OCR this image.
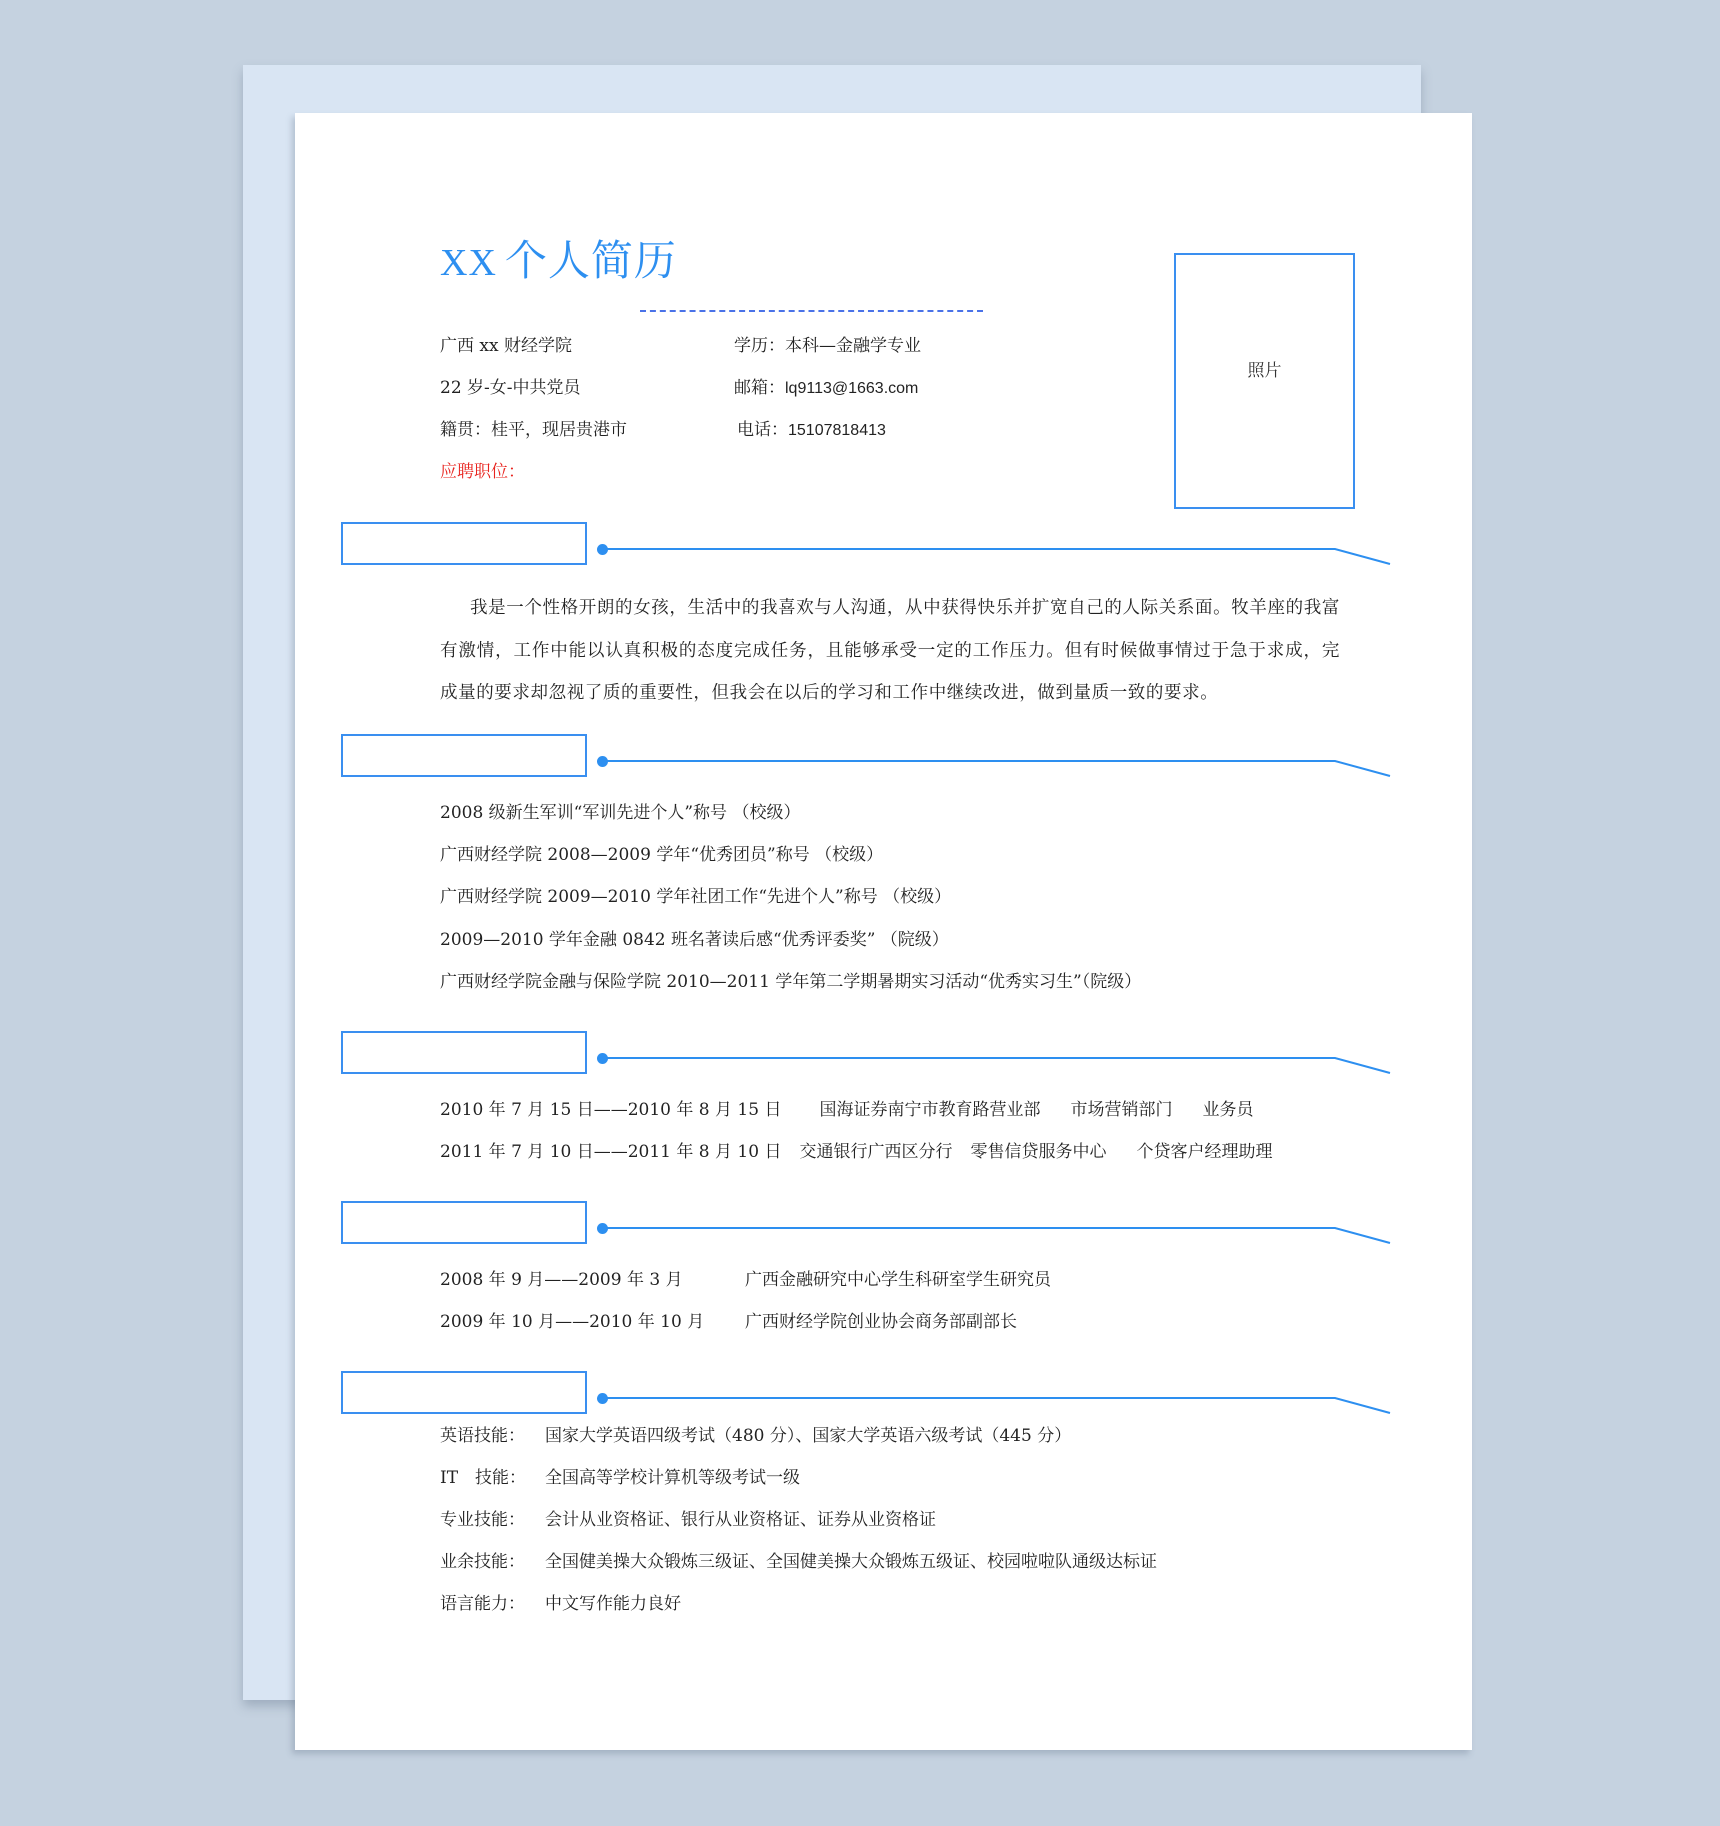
XX 个人简历
广西 xx 财经学院	学历：本科—金融学专业
22 岁-女-中共党员	邮箱：lq9113@1663.com
籍贯：桂平，现居贵港市	电话：15107818413
应聘职位：
照片
我是一个性格开朗的女孩，生活中的我喜欢与人沟通，从中获得快乐并扩宽自己的人际关系面。牧羊座的我富有激情，工作中能以认真积极的态度完成任务，且能够承受一定的工作压力。但有时候做事情过于急于求成，完成量的要求却忽视了质的重要性，但我会在以后的学习和工作中继续改进，做到量质一致的要求。
2008 级新生军训“军训先进个人”称号 （校级）
广西财经学院 2008—2009 学年“优秀团员”称号 （校级）
广西财经学院 2009—2010 学年社团工作“先进个人”称号 （校级）
2009—2010 学年金融 0842 班名著读后感“优秀评委奖” （院级）
广西财经学院金融与保险学院 2010—2011 学年第二学期暑期实习活动“优秀实习生”（院级）
2010 年 7 月 15 日——2010 年 8 月 15 日 国海证券南宁市教育路营业部 市场营销部门 业务员
2011 年 7 月 10 日——2011 年 8 月 10 日 交通银行广西区分行 零售信贷服务中心 个贷客户经理助理
2008 年 9 月——2009 年 3 月	广西金融研究中心学生科研室学生研究员
2009 年 10 月——2010 年 10 月 广西财经学院创业协会商务部副部长
英语技能： 国家大学英语四级考试（480 分）、国家大学英语六级考试（445 分）
IT　技能： 全国高等学校计算机等级考试一级
专业技能： 会计从业资格证、银行从业资格证、证券从业资格证
业余技能： 全国健美操大众锻炼三级证、全国健美操大众锻炼五级证、校园啦啦队通级达标证
语言能力： 中文写作能力良好
